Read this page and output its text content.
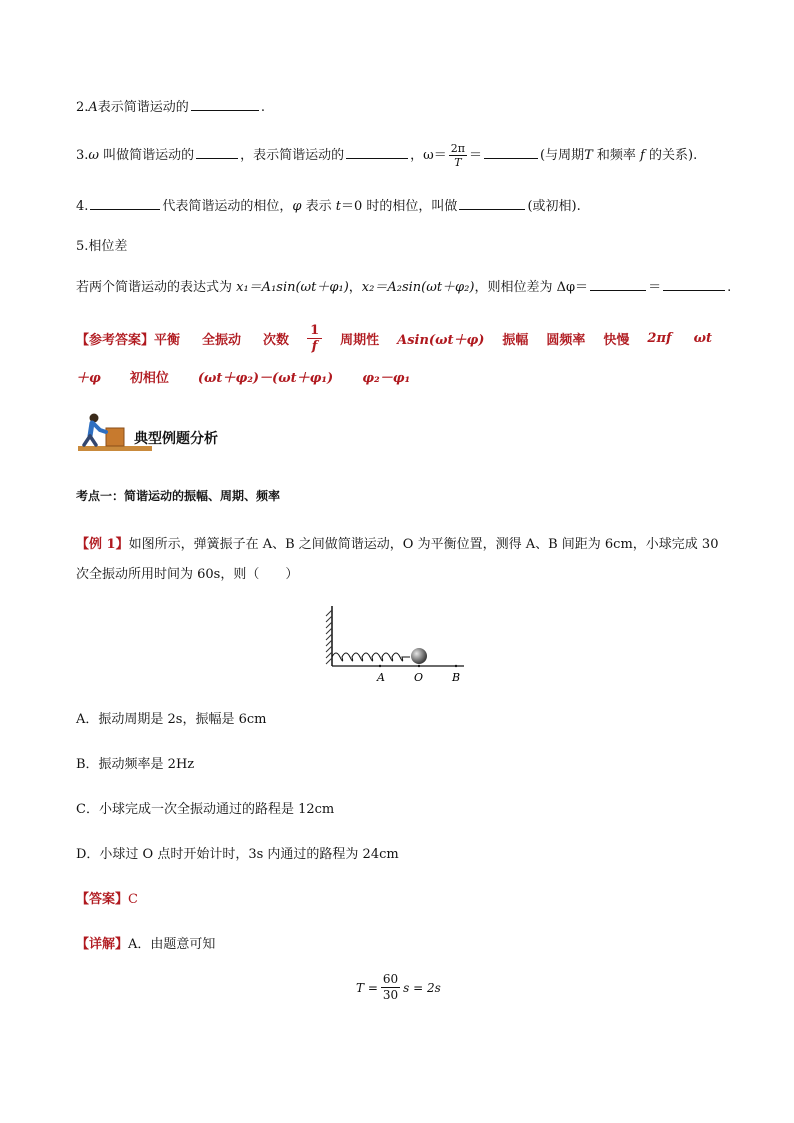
2.A表示简谐运动的	.
3.ω 叫做简谐运动的	，表示简谐运动的	，$\omega= \frac{2\pi}{T}$ ＝	(与周期T 和频率 f 的关系).
4.	代表简谐运动的相位，φ 表示 t＝0 时的相位，叫做	(或初相).
5.相位差
若两个简谐运动的表达式为 x₁＝A₁sin(ωt＋φ₁)，x₂＝A₂sin(ωt＋φ₂)，则相位差为 Δφ＝	＝	.
【参考答案】 平衡 全振动 次数 $\frac{1}{f}$ 周期性 Asin(ωt＋φ) 振幅 圆频率 快慢 2πf ωt
＋φ 初相位 (ωt＋φ₂)－(ωt＋φ₁) φ₂－φ₁
典型例题分析
考点一：简谐运动的振幅、周期、频率
【例 1】如图所示，弹簧振子在 A、B 之间做简谐运动，O 为平衡位置，测得 A、B 间距为 6cm，小球完成 30
次全振动所用时间为 60s，则（　　）
A	O	B
A．振动周期是 2s，振幅是 6cm
B．振动频率是 2Hz
C．小球完成一次全振动通过的路程是 12cm
D．小球过 O 点时开始计时，3s 内通过的路程为 24cm
【答案】C
【详解】A．由题意可知
$T = \frac{60}{30}$ s = 2s
